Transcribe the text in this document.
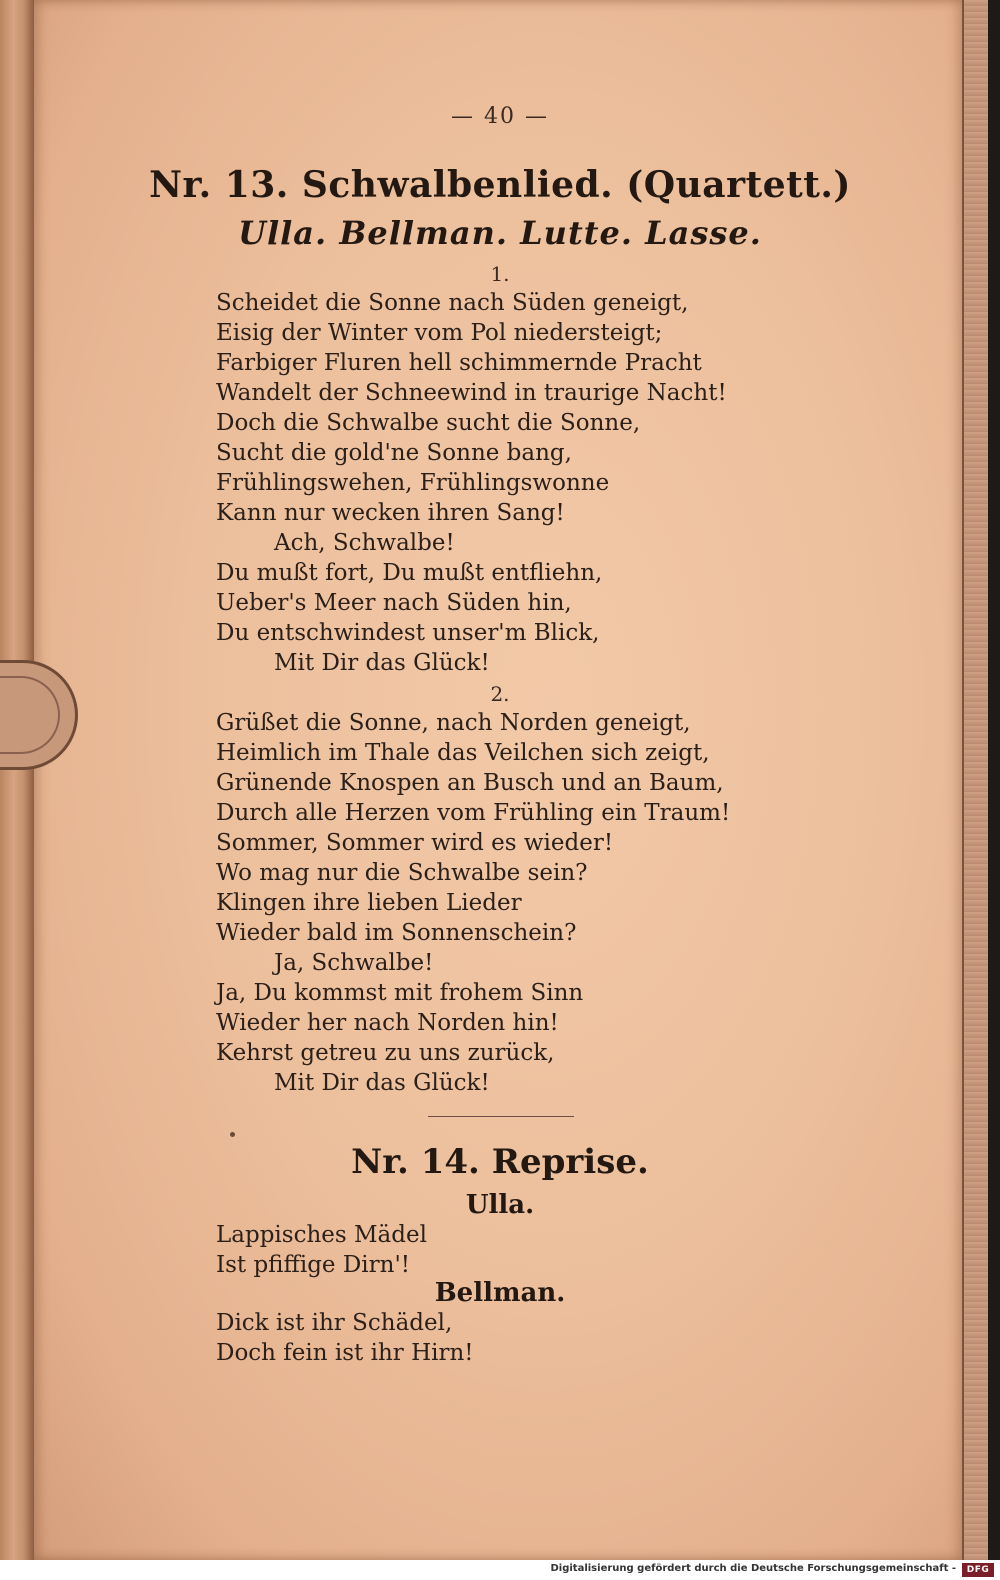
— 40 —
Nr. 13. Schwalbenlied. (Quartett.)
Ulla. Bellman. Lutte. Lasse.
1.
Scheidet die Sonne nach Süden geneigt,
Eisig der Winter vom Pol niedersteigt;
Farbiger Fluren hell schimmernde Pracht
Wandelt der Schneewind in traurige Nacht!
Doch die Schwalbe sucht die Sonne,
Sucht die gold'ne Sonne bang,
Frühlingswehen, Frühlingswonne
Kann nur wecken ihren Sang!
Ach, Schwalbe!
Du mußt fort, Du mußt entfliehn,
Ueber's Meer nach Süden hin,
Du entschwindest unser'm Blick,
Mit Dir das Glück!
2.
Grüßet die Sonne, nach Norden geneigt,
Heimlich im Thale das Veilchen sich zeigt,
Grünende Knospen an Busch und an Baum,
Durch alle Herzen vom Frühling ein Traum!
Sommer, Sommer wird es wieder!
Wo mag nur die Schwalbe sein?
Klingen ihre lieben Lieder
Wieder bald im Sonnenschein?
Ja, Schwalbe!
Ja, Du kommst mit frohem Sinn
Wieder her nach Norden hin!
Kehrst getreu zu uns zurück,
Mit Dir das Glück!
Nr. 14. Reprise.
Ulla.
Lappisches Mädel
Ist pfiffige Dirn'!
Bellman.
Dick ist ihr Schädel,
Doch fein ist ihr Hirn!
Digitalisierung gefördert durch die Deutsche Forschungsgemeinschaft -	DFG
